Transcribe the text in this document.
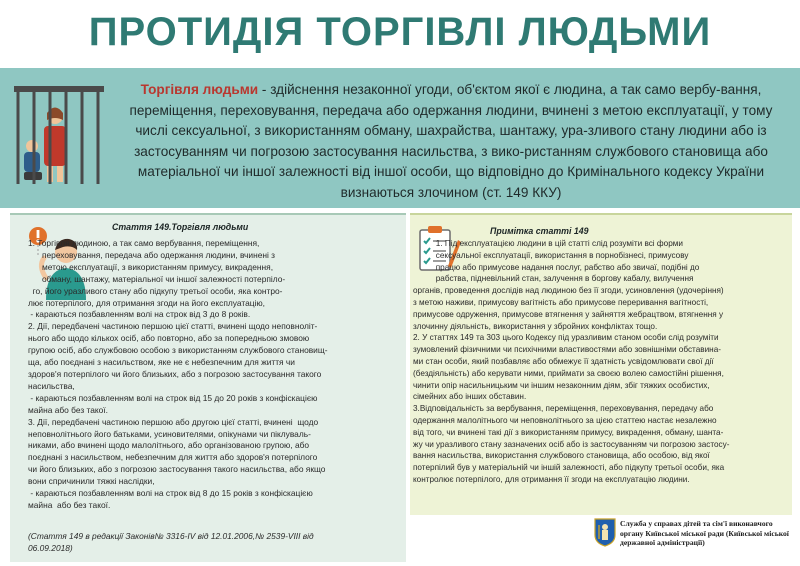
ПРОТИДІЯ ТОРГІВЛІ ЛЮДЬМИ
Торгівля людьми - здійснення незаконної угоди, об'єктом якої є людина, а так само вербу-вання, переміщення, переховування, передача або одержання людини, вчинені з метою експлуатації, у тому числі сексуальної, з використанням обману, шахрайства, шантажу, ура-зливого стану людини або із застосуванням чи погрозою застосування насильства, з вико-ристанням службового становища або матеріальної чи іншої залежності від іншої особи, що відповідно до Кримінального кодексу України визнаються злочином (ст. 149 ККУ)
Стаття 149.Торгівля людьми
1. Торгівля людиною, а так само вербування, переміщення,
переховування, передача або одержання людини, вчинені з
метою експлуатації, з використанням примусу, викрадення,
обману, шантажу, матеріальної чи іншої залежності потерпіло-
го, його уразливого стану або підкупу третьої особи, яка контро-
лює потерпілого, для отримання згоди на його експлуатацію,
- караються позбавленням волі на строк від 3 до 8 років.
2. Дії, передбачені частиною першою цієї статті, вчинені щодо неповноліт-
нього або щодо кількох осіб, або повторно, або за попередньою змовою
групою осіб, або службовою особою з використанням службового становищ-
ща, або поєднані з насильством, яке не є небезпечним для життя чи
здоров'я потерпілого чи його близьких, або з погрозою застосування такого
насильства,
- караються позбавленням волі на строк від 15 до 20 років з конфіскацією
майна або без такої.
3. Дії, передбачені частиною першою або другою цієї статті, вчинені  щодо
неповнолітнього його батьками, усиновителями, опікунами чи піклуваль-
никами, або вчинені щодо малолітнього, або організованою групою, або
поєднані з насильством, небезпечним для життя або здоров'я потерпілого
чи його близьких, або з погрозою застосування такого насильства, або якщо
вони спричинили тяжкі наслідки,
- караються позбавленням волі на строк від 8 до 15 років з конфіскацією
майна  або без такої.
(Стаття 149 в редакції Законів№ 3316-IV від 12.01.2006,№ 2539-VIII від
06.09.2018)
Примітка статті 149
1. Під експлуатацією людини в цій статті слід розуміти всі форми
сексуальної експлуатації, використання в порнобізнесі, примусову
працю або примусове надання послуг, рабство або звичаї, подібні до
рабства, підневільний стан, залучення в боргову кабалу, вилучення
органів, проведення дослідів над людиною без її згоди, усиновлення (удочеріння)
з метою наживи, примусову вагітність або примусове переривання вагітності,
примусове одруження, примусове втягнення у зайняття жебрацтвом, втягнення у
злочинну діяльність, використання у збройних конфліктах тощо.
2. У статтях 149 та 303 цього Кодексу під уразливим станом особи слід розуміти
зумовлений фізичними чи психічними властивостями або зовнішніми обставина-
ми стан особи, який позбавляє або обмежує її здатність усвідомлювати свої дії
(бездіяльність) або керувати ними, приймати за своєю волею самостійні рішення,
чинити опір насильницьким чи іншим незаконним діям, збіг тяжких особистих,
сімейних або інших обставин.
3.Відповідальність за вербування, переміщення, переховування, передачу або
одержання малолітнього чи неповнолітнього за цією статтею настає незалежно
від того, чи вчинені такі дії з використанням примусу, викрадення, обману, шанта-
жу чи уразливого стану зазначених осіб або із застосуванням чи погрозою застосу-
вання насильства, використання службового становища, або особою, від якої
потерпілий був у матеріальній чи іншій залежності, або підкупу третьої особи, яка
контролює потерпілого, для отримання її згоди на експлуатацію людини.
Служба у справах дітей та сім'ї виконавчого органу Київської міської ради (Київської міської державної адміністрації)
